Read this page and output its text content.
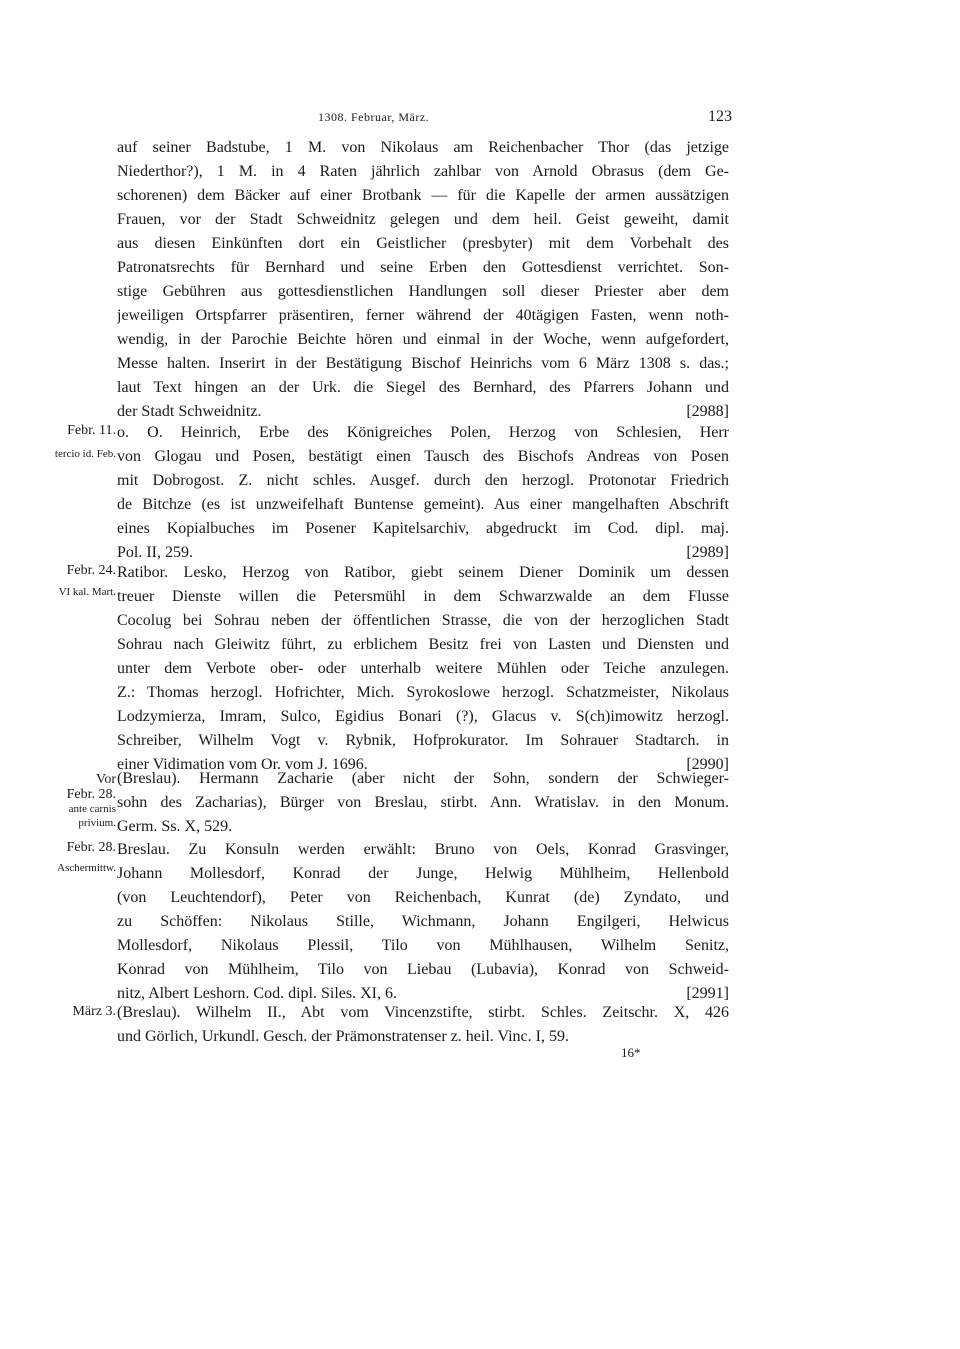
1308. Februar, März.	123
auf seiner Badstube, 1 M. von Nikolaus am Reichenbacher Thor (das jetzige
Niederthor?), 1 M. in 4 Raten jährlich zahlbar von Arnold Obrasus (dem Ge-
schorenen) dem Bäcker auf einer Brotbank — für die Kapelle der armen aussätzigen
Frauen, vor der Stadt Schweidnitz gelegen und dem heil. Geist geweiht, damit
aus diesen Einkünften dort ein Geistlicher (presbyter) mit dem Vorbehalt des
Patronatsrechts für Bernhard und seine Erben den Gottesdienst verrichtet. Son-
stige Gebühren aus gottesdienstlichen Handlungen soll dieser Priester aber dem
jeweiligen Ortspfarrer präsentiren, ferner während der 40tägigen Fasten, wenn noth-
wendig, in der Parochie Beichte hören und einmal in der Woche, wenn aufgefordert,
Messe halten. Inserirt in der Bestätigung Bischof Heinrichs vom 6 März 1308 s. das.;
laut Text hingen an der Urk. die Siegel des Bernhard, des Pfarrers Johann und
der Stadt Schweidnitz.	[2988]
Febr. 11.
tercio id. Feb.
o. O. Heinrich, Erbe des Königreiches Polen, Herzog von Schlesien, Herr
von Glogau und Posen, bestätigt einen Tausch des Bischofs Andreas von Posen
mit Dobrogost. Z. nicht schles. Ausgef. durch den herzogl. Protonotar Friedrich
de Bitchze (es ist unzweifelhaft Buntense gemeint). Aus einer mangelhaften Abschrift
eines Kopialbuches im Posener Kapitelsarchiv, abgedruckt im Cod. dipl. maj.
Pol. II, 259.	[2989]
Febr. 24.
VI kal. Mart.
Ratibor. Lesko, Herzog von Ratibor, giebt seinem Diener Dominik um dessen
treuer Dienste willen die Petersmühl in dem Schwarzwalde an dem Flusse
Cocolug bei Sohrau neben der öffentlichen Strasse, die von der herzoglichen Stadt
Sohrau nach Gleiwitz führt, zu erblichem Besitz frei von Lasten und Diensten und
unter dem Verbote ober- oder unterhalb weitere Mühlen oder Teiche anzulegen.
Z.: Thomas herzogl. Hofrichter, Mich. Syrokoslowe herzogl. Schatzmeister, Nikolaus
Lodzymierza, Imram, Sulco, Egidius Bonari (?), Glacus v. S(ch)imowitz herzogl.
Schreiber, Wilhelm Vogt v. Rybnik, Hofprokurator. Im Sohrauer Stadtarch. in
einer Vidimation vom Or. vom J. 1696.	[2990]
Vor
Febr. 28.
ante carnis
privium.
(Breslau). Hermann Zacharie (aber nicht der Sohn, sondern der Schwieger-
sohn des Zacharias), Bürger von Breslau, stirbt. Ann. Wratislav. in den Monum.
Germ. Ss. X, 529.
Febr. 28.
Aschermittw.
Breslau. Zu Konsuln werden erwählt: Bruno von Oels, Konrad Grasvinger,
Johann Mollesdorf, Konrad der Junge, Helwig Mühlheim, Hellenbold
(von Leuchtendorf), Peter von Reichenbach, Kunrat (de) Zyndato, und
zu Schöffen: Nikolaus Stille, Wichmann, Johann Engilgeri, Helwicus
Mollesdorf, Nikolaus Plessil, Tilo von Mühlhausen, Wilhelm Senitz,
Konrad von Mühlheim, Tilo von Liebau (Lubavia), Konrad von Schweid-
nitz, Albert Leshorn. Cod. dipl. Siles. XI, 6.	[2991]
März 3. (Breslau). Wilhelm II., Abt vom Vincenzstifte, stirbt. Schles. Zeitschr. X, 426
und Görlich, Urkundl. Gesch. der Prämonstratenser z. heil. Vinc. I, 59.
16*
